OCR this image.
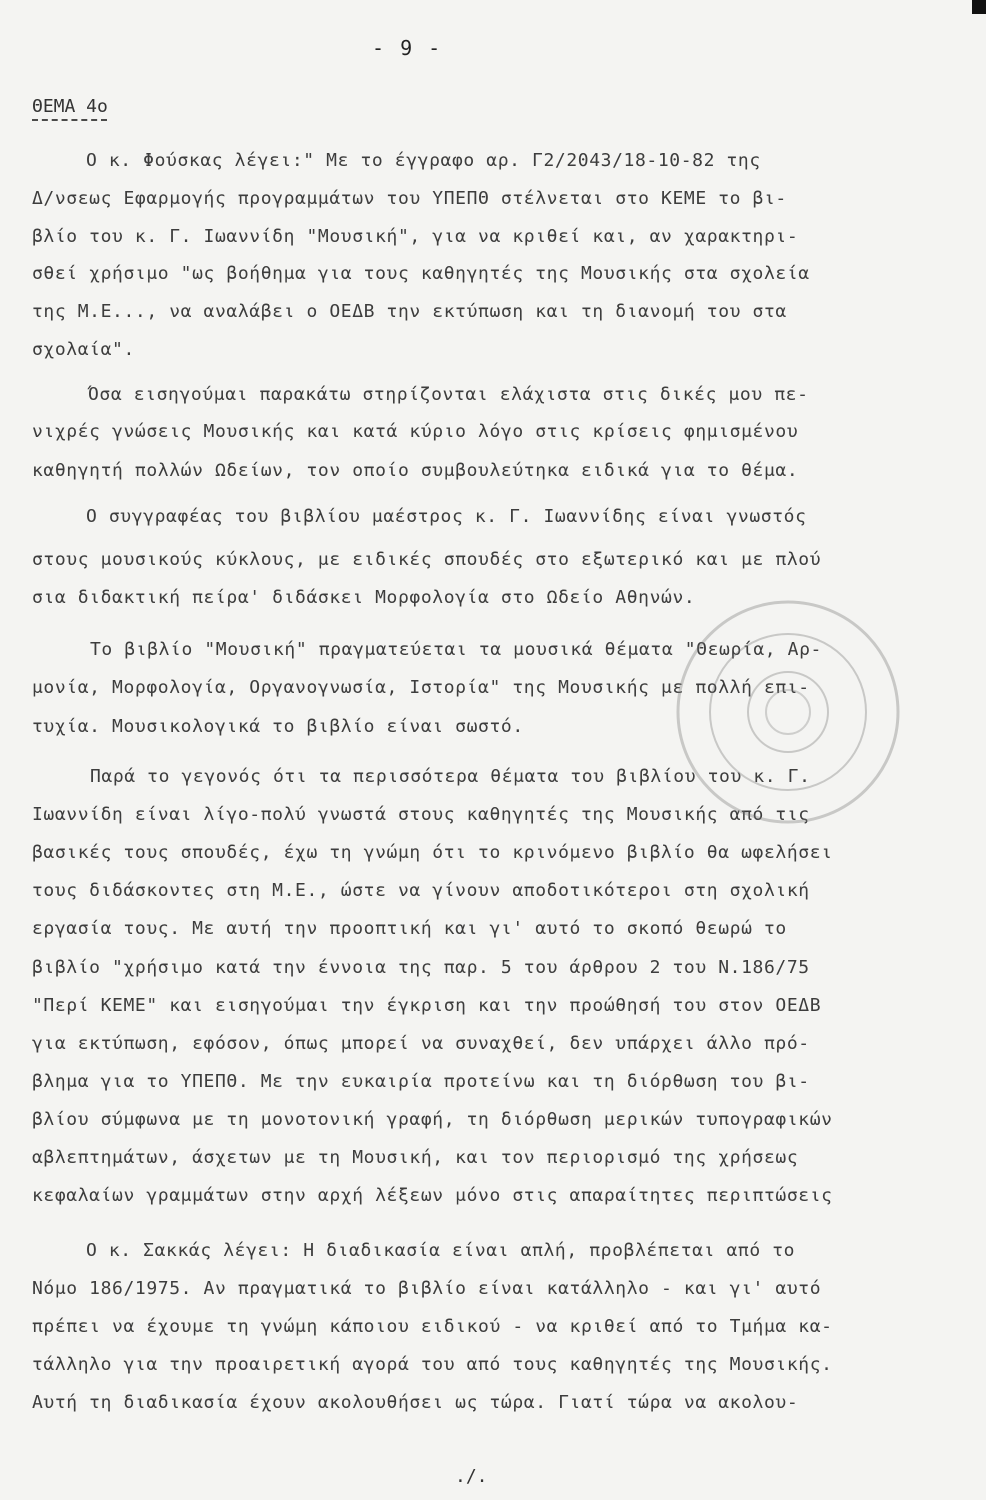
- 9 -
ΘΕΜΑ 4ο
Ο κ. Φούσκας λέγει:" Με το έγγραφο αρ. Γ2/2043/18-10-82 της
Δ/νσεως Εφαρμογής προγραμμάτων του ΥΠΕΠΘ στέλνεται στο ΚΕΜΕ το βι-
βλίο του κ. Γ. Ιωαννίδη "Μουσική", για να κριθεί και, αν χαρακτηρι-
σθεί χρήσιμο "ως βοήθημα για τους καθηγητές της Μουσικής στα σχολεία
της Μ.Ε..., να αναλάβει ο ΟΕΔΒ την εκτύπωση και τη διανομή του στα
σχολαία".
Όσα εισηγούμαι παρακάτω στηρίζονται ελάχιστα στις δικές μου πε-
νιχρές γνώσεις Μουσικής και κατά κύριο λόγο στις κρίσεις φημισμένου
καθηγητή πολλών Ωδείων, τον οποίο συμβουλεύτηκα ειδικά για το θέμα.
Ο συγγραφέας του βιβλίου μαέστρος κ. Γ. Ιωαννίδης είναι γνωστός
στους μουσικούς κύκλους, με ειδικές σπουδές στο εξωτερικό και με πλού
σια διδακτική πείρα' διδάσκει Μορφολογία στο Ωδείο Αθηνών.
Το βιβλίο "Μουσική" πραγματεύεται τα μουσικά θέματα "Θεωρία, Αρ-
μονία, Μορφολογία, Οργανογνωσία, Ιστορία" της Μουσικής με πολλή επι-
τυχία. Μουσικολογικά το βιβλίο είναι σωστό.
Παρά το γεγονός ότι τα περισσότερα θέματα του βιβλίου του κ. Γ.
Ιωαννίδη είναι λίγο-πολύ γνωστά στους καθηγητές της Μουσικής από τις
βασικές τους σπουδές, έχω τη γνώμη ότι το κρινόμενο βιβλίο θα ωφελήσει
τους διδάσκοντες στη Μ.Ε., ώστε να γίνουν αποδοτικότεροι στη σχολική
εργασία τους. Με αυτή την προοπτική και γι' αυτό το σκοπό θεωρώ το
βιβλίο "χρήσιμο κατά την έννοια της παρ. 5 του άρθρου 2 του Ν.186/75
"Περί ΚΕΜΕ" και εισηγούμαι την έγκριση και την προώθησή του στον ΟΕΔΒ
για εκτύπωση, εφόσον, όπως μπορεί να συναχθεί, δεν υπάρχει άλλο πρό-
βλημα για το ΥΠΕΠΘ. Με την ευκαιρία προτείνω και τη διόρθωση του βι-
βλίου σύμφωνα με τη μονοτονική γραφή, τη διόρθωση μερικών τυπογραφικών
αβλεπτημάτων, άσχετων με τη Μουσική, και τον περιορισμό της χρήσεως
κεφαλαίων γραμμάτων στην αρχή λέξεων μόνο στις απαραίτητες περιπτώσεις
Ο κ. Σακκάς λέγει: Η διαδικασία είναι απλή, προβλέπεται από το
Νόμο 186/1975. Αν πραγματικά το βιβλίο είναι κατάλληλο - και γι' αυτό
πρέπει να έχουμε τη γνώμη κάποιου ειδικού - να κριθεί από το Τμήμα κα-
τάλληλο για την προαιρετική αγορά του από τους καθηγητές της Μουσικής.
Αυτή τη διαδικασία έχουν ακολουθήσει ως τώρα. Γιατί τώρα να ακολου-
./.
